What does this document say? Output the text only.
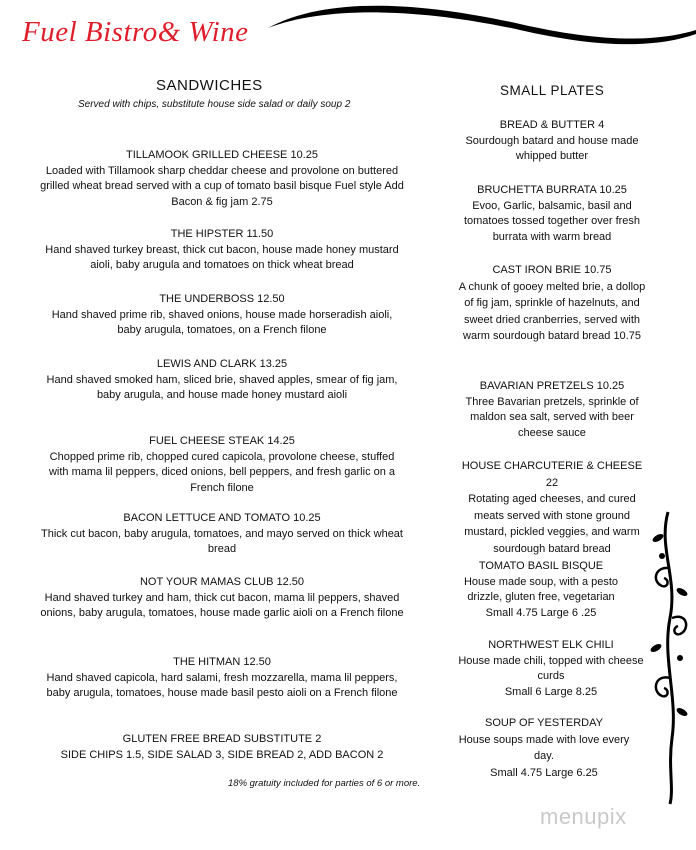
Fuel Bistro& Wine
SANDWICHES
Served with chips, substitute house side salad or daily soup 2
TILLAMOOK GRILLED CHEESE 10.25
Loaded with Tillamook sharp cheddar cheese and provolone on buttered grilled wheat bread served with a cup of tomato basil bisque Fuel style Add Bacon & fig jam 2.75
THE HIPSTER 11.50
Hand shaved turkey breast, thick cut bacon, house made honey mustard aioli, baby arugula and tomatoes on thick wheat bread
THE UNDERBOSS 12.50
Hand shaved prime rib, shaved onions, house made horseradish aioli, baby arugula, tomatoes, on a French filone
LEWIS AND CLARK 13.25
Hand shaved smoked ham, sliced brie, shaved apples, smear of fig jam, baby arugula, and house made honey mustard aioli
FUEL CHEESE STEAK 14.25
Chopped prime rib, chopped cured capicola, provolone cheese, stuffed with mama lil peppers, diced onions, bell peppers, and fresh garlic on a French filone
BACON LETTUCE AND TOMATO 10.25
Thick cut bacon, baby arugula, tomatoes, and mayo served on thick wheat bread
NOT YOUR MAMAS CLUB 12.50
Hand shaved turkey and ham, thick cut bacon, mama lil peppers, shaved onions, baby arugula, tomatoes, house made garlic aioli on a French filone
THE HITMAN 12.50
Hand shaved capicola, hard salami, fresh mozzarella, mama lil peppers, baby arugula, tomatoes, house made basil pesto aioli on a French filone
GLUTEN FREE BREAD SUBSTITUTE 2
SIDE CHIPS 1.5, SIDE SALAD 3, SIDE BREAD 2, ADD BACON 2
18% gratuity included for parties of 6 or more.
SMALL PLATES
BREAD & BUTTER 4
Sourdough batard and house made whipped butter
BRUCHETTA BURRATA 10.25
Evoo, Garlic, balsamic, basil and tomatoes tossed together over fresh burrata with warm bread
CAST IRON BRIE 10.75
A chunk of gooey melted brie, a dollop of fig jam, sprinkle of hazelnuts, and sweet dried cranberries, served with warm sourdough batard bread 10.75
BAVARIAN PRETZELS 10.25
Three Bavarian pretzels, sprinkle of maldon sea salt, served with beer cheese sauce
HOUSE CHARCUTERIE & CHEESE 22
Rotating aged cheeses, and cured meats served with stone ground mustard, pickled veggies, and warm sourdough batard bread
TOMATO BASIL BISQUE
House made soup, with a pesto drizzle, gluten free, vegetarian
Small 4.75 Large 6 .25
NORTHWEST ELK CHILI
House made chili, topped with cheese curds
Small 6 Large 8.25
SOUP OF YESTERDAY
House soups made with love every day.
Small 4.75 Large 6.25
menupix
